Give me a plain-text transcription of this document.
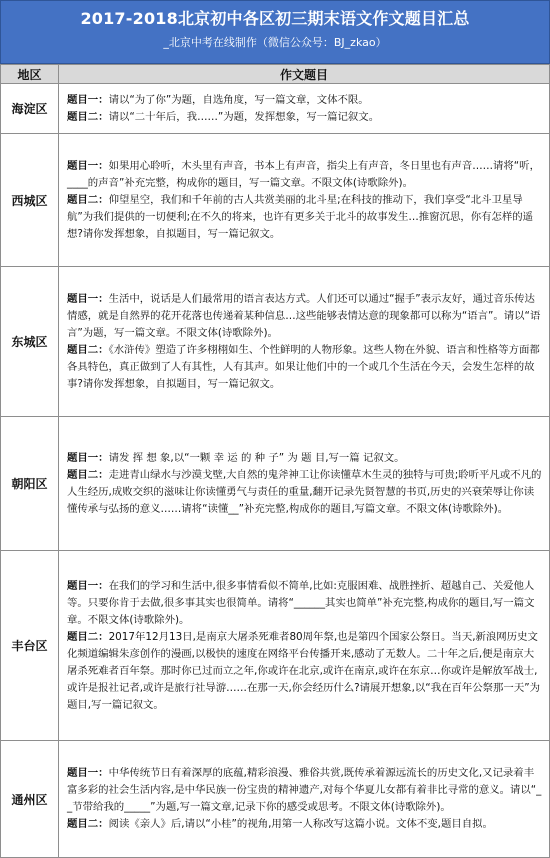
2017-2018北京初中各区初三期末语文作文题目汇总
_北京中考在线制作（微信公众号：BJ_zkao）
地区	作文题目
海淀区	题目一：请以“为了你”为题，自选角度，写一篇文章，文体不限。

题目二：请以“二十年后，我……”为题，发挥想象，写一篇记叙文。

西城区	题目一：如果用心聆听，木头里有声音，书本上有声音，指尖上有声音，冬日里也有声音……请将“听，____的声音”补充完整，构成你的题目，写一篇文章。不限文体(诗歌除外)。

题目二：仰望星空，我们和千年前的古人共赏美丽的北斗星;在科技的推动下，我们享受“北斗卫星导航”为我们提供的一切便利;在不久的将来，也许有更多关于北斗的故事发生…推窗沉思，你有怎样的遥想?请你发挥想象，自拟题目，写一篇记叙文。

东城区	题目一：生活中，说话是人们最常用的语言表达方式。人们还可以通过“握手”表示友好，通过音乐传达情感，就是自然界的花开花落也传递着某种信息…这些能够表情达意的现象都可以称为“语言”。请以“语言”为题，写一篇文章。不限文体(诗歌除外)。

题目二：《水浒传》塑造了许多栩栩如生、个性鲜明的人物形象。这些人物在外貌、语言和性格等方面都各具特色，真正做到了人有其性，人有其声。如果让他们中的一个或几个生活在今天，会发生怎样的故事?请你发挥想象，自拟题目，写一篇记叙文。

朝阳区	题目一：请发 挥 想 象,以“一颗 幸 运 的 种 子” 为 题 目,写一篇 记叙文。

题目二：走进青山绿水与沙漠戈壁,大自然的鬼斧神工让你读懂草木生灵的独特与可贵;聆听平凡或不凡的人生经历,成败交织的滋味让你读懂勇气与责任的重量,翻开记录先贤智慧的书页,历史的兴衰荣辱让你读懂传承与弘扬的意义……请将“读懂__”补充完整,构成你的题目,写篇文章。不限文体(诗歌除外)。

丰台区	题目一：在我们的学习和生活中,很多事情看似不简单,比如:克服困难、战胜挫折、超越自己、关爱他人等。只要你肯于去做,很多事其实也很简单。请将“______其实也简单”补充完整,构成你的题目,写一篇文章。不限文体(诗歌除外)。

题目二：2017年12月13日,是南京大屠杀死难者80周年祭,也是第四个国家公祭日。当天,新浪网历史文化频道编辑朱彦创作的漫画,以极快的速度在网络平台传播开来,感动了无数人。二十年之后,便是南京大屠杀死难者百年祭。那时你已过而立之年,你或许在北京,或许在南京,或许在东京…你或许是解放军战士,或许是报社记者,或许是旅行社导游……在那一天,你会经历什么?请展开想象,以“我在百年公祭那一天”为题目,写一篇记叙文。

通州区	题目一：中华传统节日有着深厚的底蕴,精彩浪漫、雅俗共赏,既传承着源远流长的历史文化,又记录着丰富多彩的社会生活内容,是中华民族一份宝贵的精神遗产,对每个华夏儿女都有着非比寻常的意义。请以“__节带给我的_____”为题,写一篇文章,记录下你的感受或思考。不限文体(诗歌除外)。

题目二：阅读《亲人》后,请以“小桂”的视角,用第一人称改写这篇小说。文体不变,题目自拟。
